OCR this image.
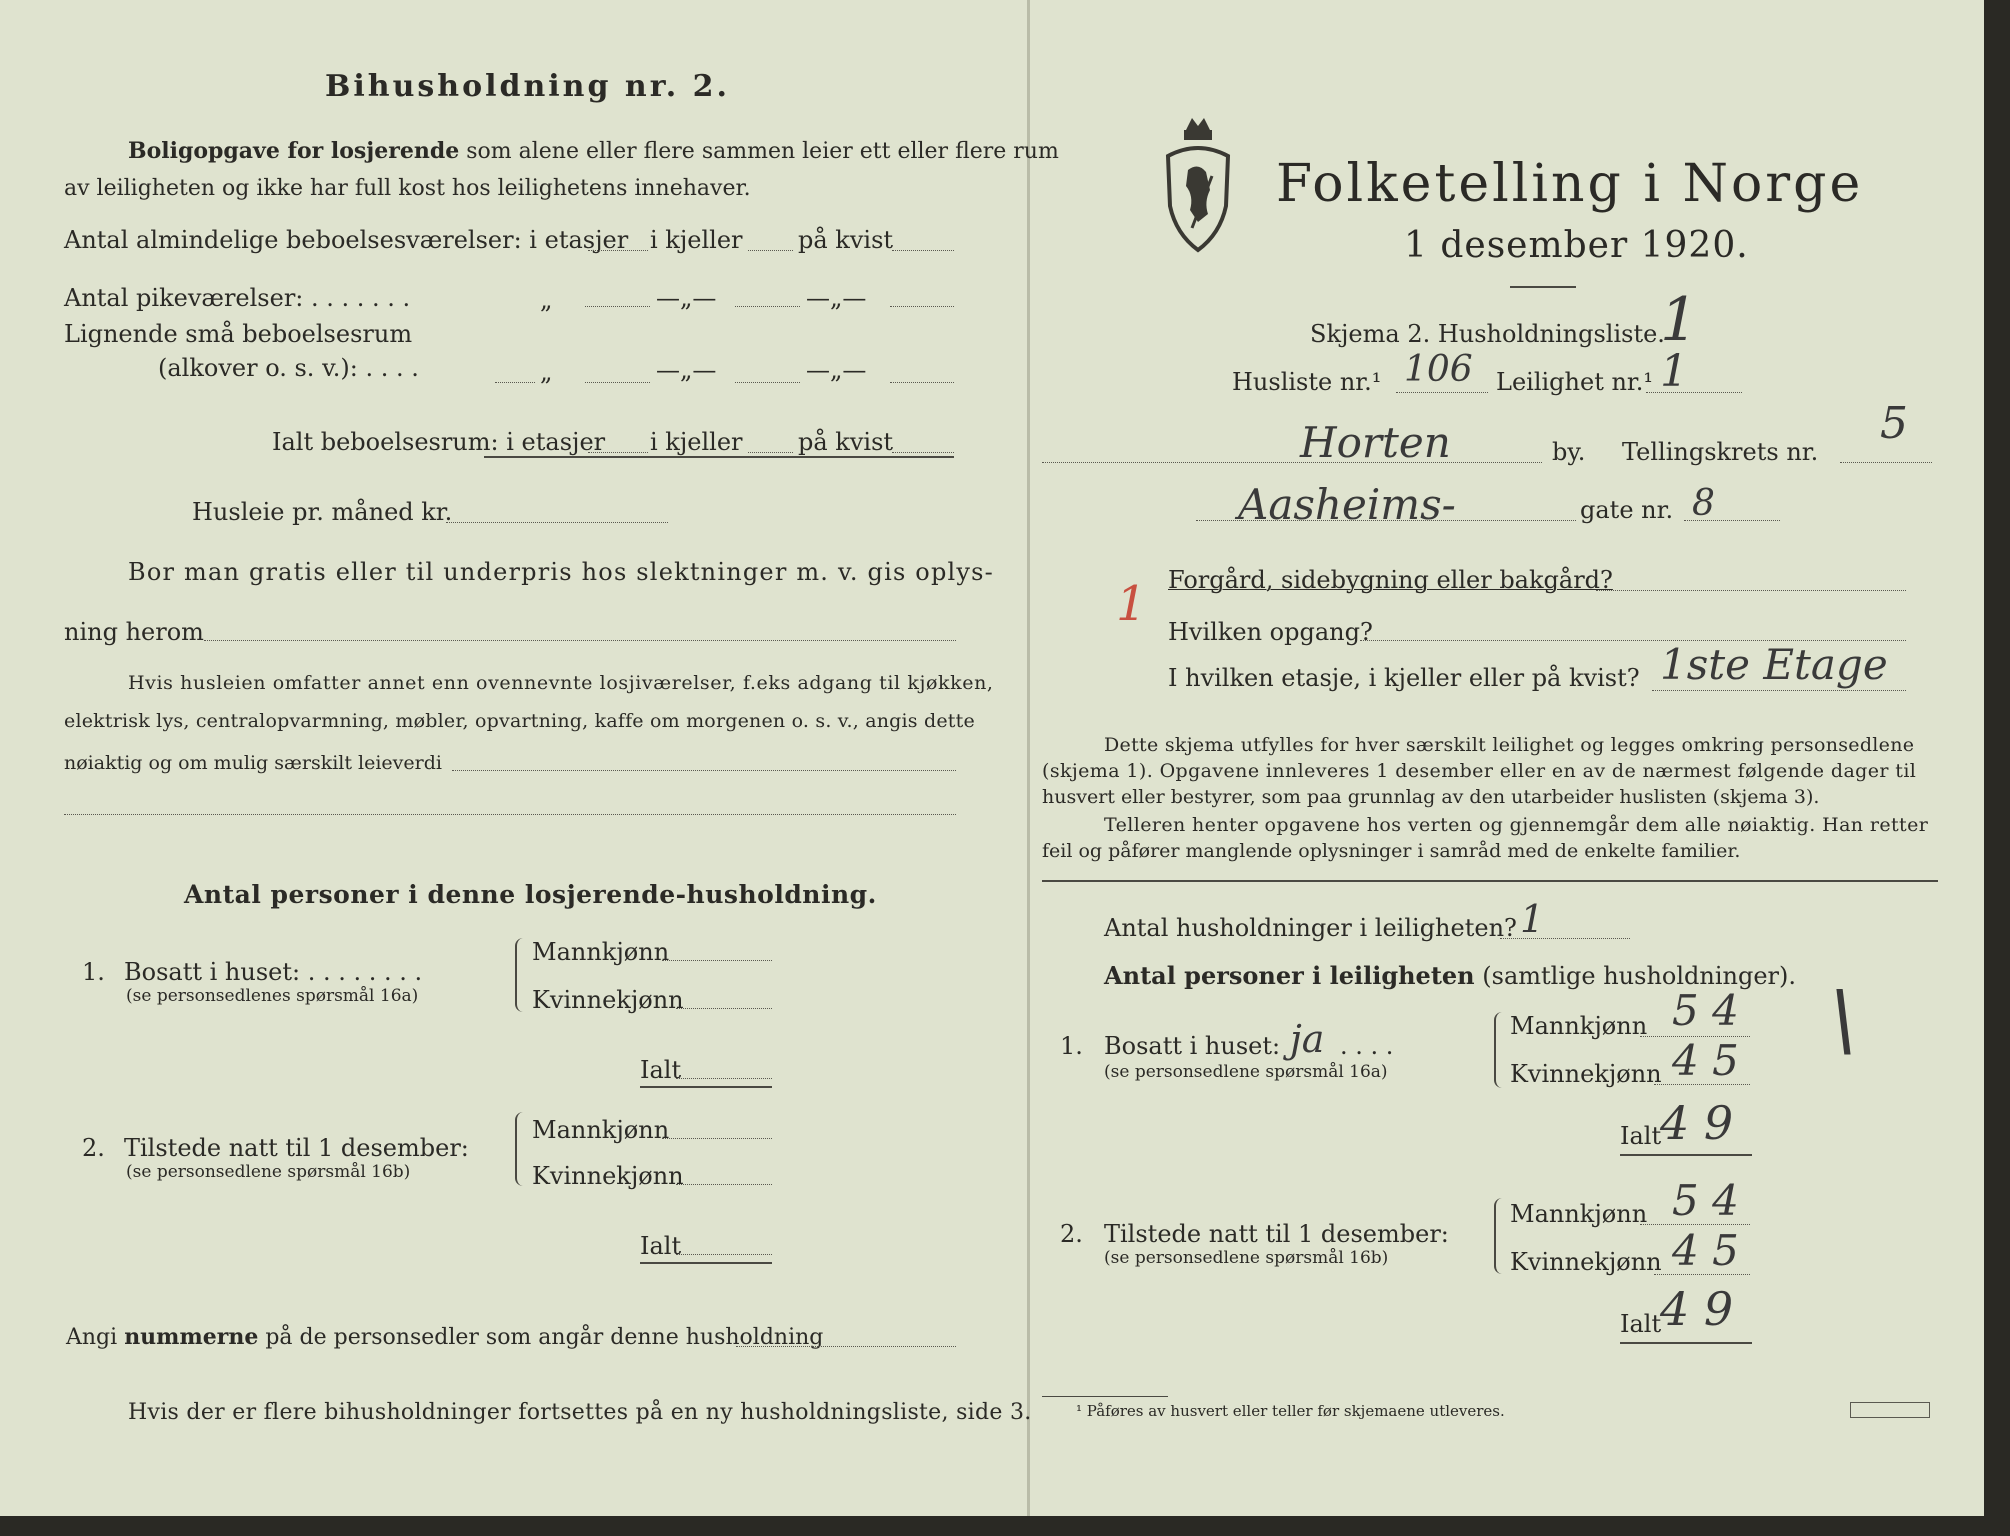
Bihusholdning nr. 2.
Boligopgave for losjerende som alene eller flere sammen leier ett eller flere rum
av leiligheten og ikke har full kost hos leilighetens innehaver.
Antal almindelige beboelsesværelser: i etasjer i kjeller på kvist
Antal pikeværelser: . . . . . . .	„	—„—	—„—
Lignende små beboelsesrum
(alkover o. s. v.): . . . .	„	—„—	—„—
Ialt beboelsesrum: i etasjer i kjeller på kvist
Husleie pr. måned kr.
Bor man gratis eller til underpris hos slektninger m. v. gis oplys-
ning herom
Hvis husleien omfatter annet enn ovennevnte losjiværelser, f.eks adgang til kjøkken,
elektrisk lys, centralopvarmning, møbler, opvartning, kaffe om morgenen o. s. v., angis dette
nøiaktig og om mulig særskilt leieverdi
Antal personer i denne losjerende-husholdning.
1. Bosatt i huset: . . . . . . . .
(se personsedlenes spørsmål 16a)
Mannkjønn
Kvinnekjønn
Ialt
2. Tilstede natt til 1 desember:
(se personsedlene spørsmål 16b)
Mannkjønn
Kvinnekjønn
Ialt
Angi nummerne på de personsedler som angår denne husholdning
Hvis der er flere bihusholdninger fortsettes på en ny husholdningsliste, side 3.
Folketelling i Norge
1 desember 1920.
Skjema 2. Husholdningsliste.
1
Husliste nr.¹ 106 Leilighet nr.¹ 1
Horten	by. Tellingskrets nr.
5
Aasheims-	gate nr. 8
1 Forgård, sidebygning eller bakgård?
Hvilken opgang?
I hvilken etasje, i kjeller eller på kvist? 1ste Etage
Dette skjema utfylles for hver særskilt leilighet og legges omkring personsedlene
(skjema 1). Opgavene innleveres 1 desember eller en av de nærmest følgende dager til
husvert eller bestyrer, som paa grunnlag av den utarbeider huslisten (skjema 3).
Telleren henter opgavene hos verten og gjennemgår dem alle nøiaktig. Han retter
feil og påfører manglende oplysninger i samråd med de enkelte familier.
Antal husholdninger i leiligheten? 1
Antal personer i leiligheten (samtlige husholdninger).
1. Bosatt i huset: ja . . . .
(se personsedlene spørsmål 16a)
Mannkjønn 5 4
Kvinnekjønn 4 5 \
Ialt
4 9
2. Tilstede natt til 1 desember:
(se personsedlene spørsmål 16b)
Mannkjønn 5 4
Kvinnekjønn 4 5
Ialt
4 9
¹ Påføres av husvert eller teller før skjemaene utleveres.
